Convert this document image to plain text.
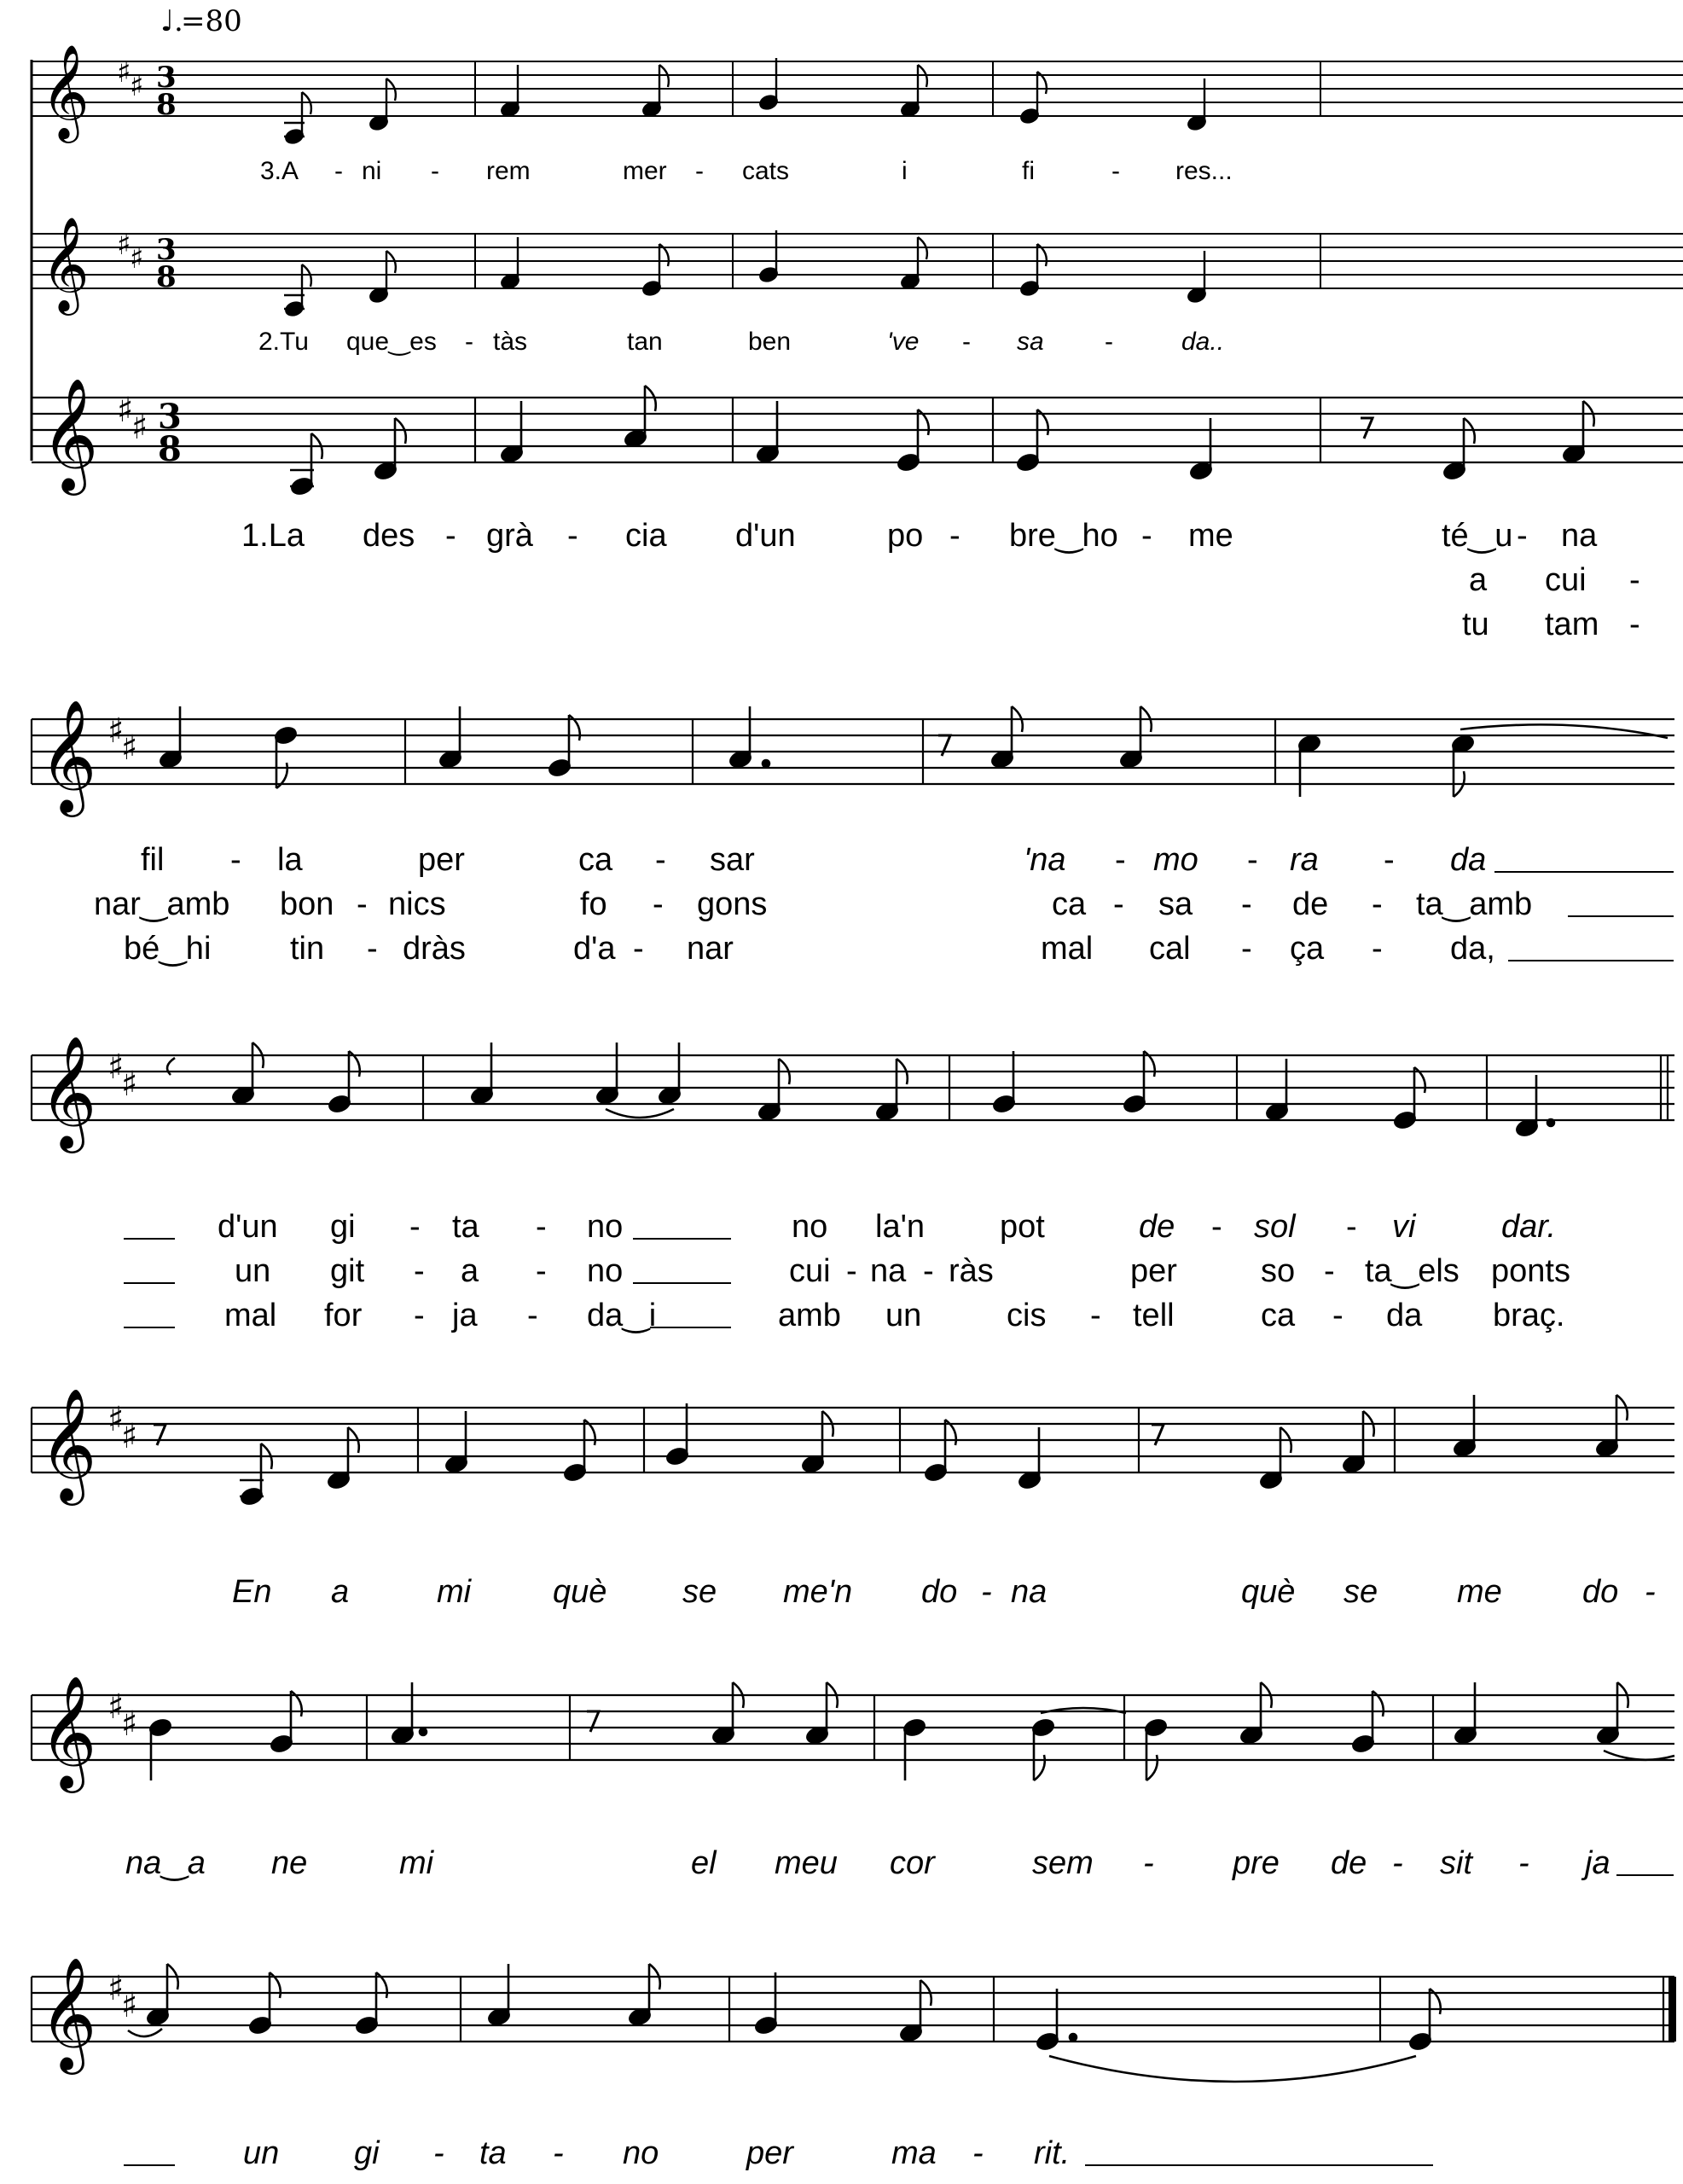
♩.
=80
𝄞 ♯
♯ 3
8
𝄞 ♯
♯ 3
8
𝄞 ♯
♯ 3
8
3.A - ni - rem	mer - cats	i	fi	- res...
2.Tu que‿es - tàs	tan	ben	've - sa -	da..
1.La des - grà - cia d'un	po - bre‿ho - me	té‿u - na
a cui -
tu tam -
𝄞 ♯
♯
fil - la	per	ca - sar	'na - mo - ra - da
nar‿amb bon - nics	fo - gons	ca - sa - de - ta‿amb
bé‿hi tin - dràs	d'a - nar	mal cal - ça - da,
𝄞 ♯
♯
d'un gi - ta - no	no la'n pot	de - sol - vi	dar.
un git - a - no	cui - na - ràs	per	so - ta‿els ponts
mal for - ja - da‿i	amb un	cis - tell	ca - da braç.
𝄞 ♯
♯
En a	mi	què se me'n do - na	què se me do -
𝄞 ♯
♯
na‿a ne	mi	el meu cor	sem - pre de - sit - ja
𝄞 ♯
♯
un gi - ta - no	per	ma - rit.
